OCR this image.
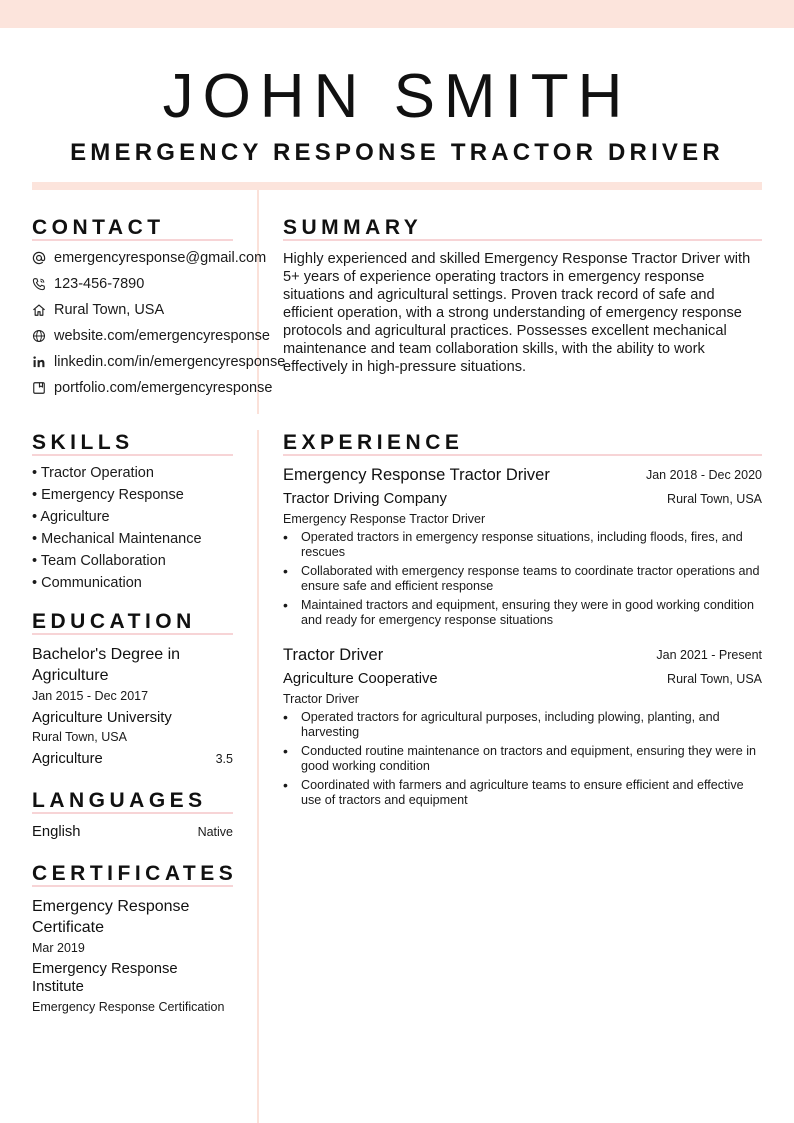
JOHN SMITH
EMERGENCY RESPONSE TRACTOR DRIVER
CONTACT
emergencyresponse@gmail.com
123-456-7890
Rural Town, USA
website.com/emergencyresponse
linkedin.com/in/emergencyresponse
portfolio.com/emergencyresponse
SUMMARY
Highly experienced and skilled Emergency Response Tractor Driver with 5+ years of experience operating tractors in emergency response situations and agricultural settings. Proven track record of safe and efficient operation, with a strong understanding of emergency response protocols and agricultural practices. Possesses excellent mechanical maintenance and team collaboration skills, with the ability to work effectively in high-pressure situations.
SKILLS
• Tractor Operation
• Emergency Response
• Agriculture
• Mechanical Maintenance
• Team Collaboration
• Communication
EDUCATION
Bachelor's Degree in Agriculture
Jan 2015 - Dec 2017
Agriculture University
Rural Town, USA
Agriculture	3.5
LANGUAGES
English	Native
CERTIFICATES
Emergency Response Certificate
Mar 2019
Emergency Response Institute
Emergency Response Certification
EXPERIENCE
Emergency Response Tractor Driver	Jan 2018 - Dec 2020
Tractor Driving Company	Rural Town, USA
Emergency Response Tractor Driver
•	Operated tractors in emergency response situations, including floods, fires, and rescues
•	Collaborated with emergency response teams to coordinate tractor operations and ensure safe and efficient response
•	Maintained tractors and equipment, ensuring they were in good working condition and ready for emergency response situations
Tractor Driver	Jan 2021 - Present
Agriculture Cooperative	Rural Town, USA
Tractor Driver
•	Operated tractors for agricultural purposes, including plowing, planting, and harvesting
•	Conducted routine maintenance on tractors and equipment, ensuring they were in good working condition
•	Coordinated with farmers and agriculture teams to ensure efficient and effective use of tractors and equipment
